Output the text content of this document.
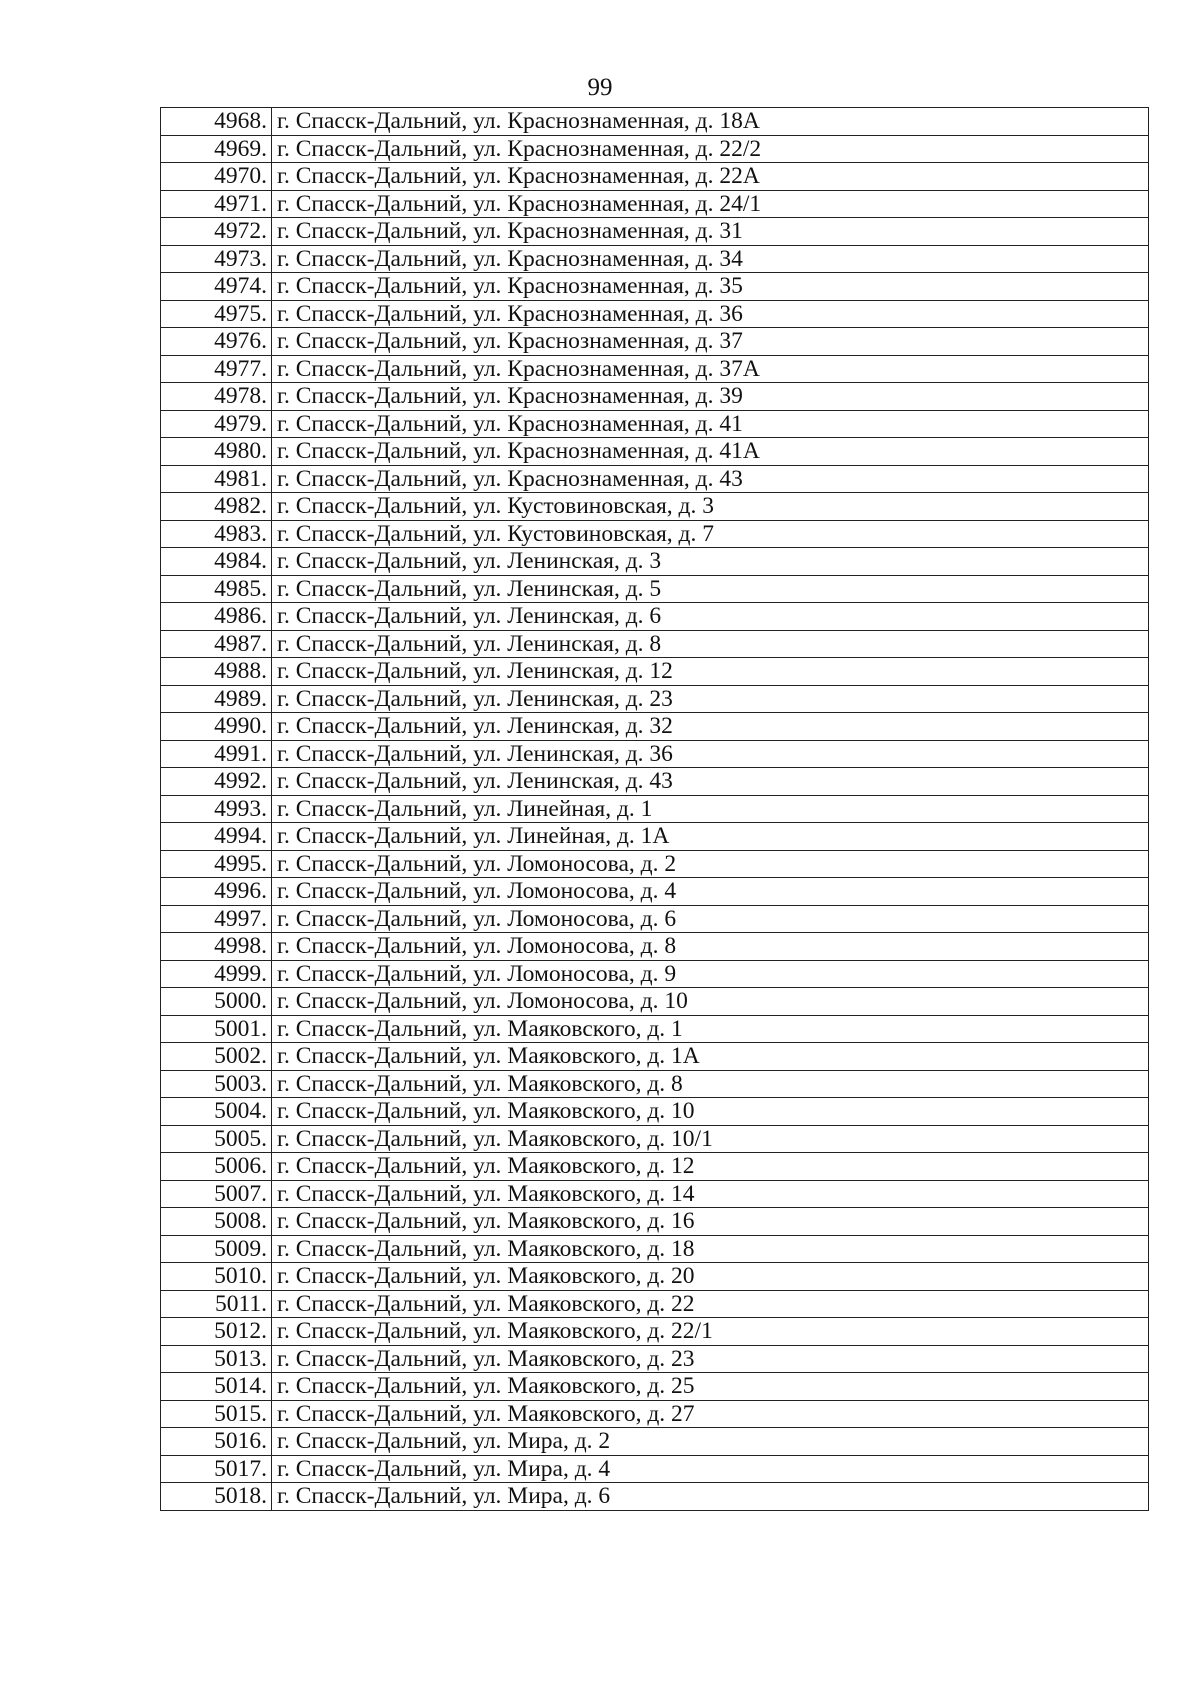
99
4968.	г. Спасск-Дальний, ул. Краснознаменная, д. 18А
4969.	г. Спасск-Дальний, ул. Краснознаменная, д. 22/2
4970.	г. Спасск-Дальний, ул. Краснознаменная, д. 22А
4971.	г. Спасск-Дальний, ул. Краснознаменная, д. 24/1
4972.	г. Спасск-Дальний, ул. Краснознаменная, д. 31
4973.	г. Спасск-Дальний, ул. Краснознаменная, д. 34
4974.	г. Спасск-Дальний, ул. Краснознаменная, д. 35
4975.	г. Спасск-Дальний, ул. Краснознаменная, д. 36
4976.	г. Спасск-Дальний, ул. Краснознаменная, д. 37
4977.	г. Спасск-Дальний, ул. Краснознаменная, д. 37А
4978.	г. Спасск-Дальний, ул. Краснознаменная, д. 39
4979.	г. Спасск-Дальний, ул. Краснознаменная, д. 41
4980.	г. Спасск-Дальний, ул. Краснознаменная, д. 41А
4981.	г. Спасск-Дальний, ул. Краснознаменная, д. 43
4982.	г. Спасск-Дальний, ул. Кустовиновская, д. 3
4983.	г. Спасск-Дальний, ул. Кустовиновская, д. 7
4984.	г. Спасск-Дальний, ул. Ленинская, д. 3
4985.	г. Спасск-Дальний, ул. Ленинская, д. 5
4986.	г. Спасск-Дальний, ул. Ленинская, д. 6
4987.	г. Спасск-Дальний, ул. Ленинская, д. 8
4988.	г. Спасск-Дальний, ул. Ленинская, д. 12
4989.	г. Спасск-Дальний, ул. Ленинская, д. 23
4990.	г. Спасск-Дальний, ул. Ленинская, д. 32
4991.	г. Спасск-Дальний, ул. Ленинская, д. 36
4992.	г. Спасск-Дальний, ул. Ленинская, д. 43
4993.	г. Спасск-Дальний, ул. Линейная, д. 1
4994.	г. Спасск-Дальний, ул. Линейная, д. 1А
4995.	г. Спасск-Дальний, ул. Ломоносова, д. 2
4996.	г. Спасск-Дальний, ул. Ломоносова, д. 4
4997.	г. Спасск-Дальний, ул. Ломоносова, д. 6
4998.	г. Спасск-Дальний, ул. Ломоносова, д. 8
4999.	г. Спасск-Дальний, ул. Ломоносова, д. 9
5000.	г. Спасск-Дальний, ул. Ломоносова, д. 10
5001.	г. Спасск-Дальний, ул. Маяковского, д. 1
5002.	г. Спасск-Дальний, ул. Маяковского, д. 1А
5003.	г. Спасск-Дальний, ул. Маяковского, д. 8
5004.	г. Спасск-Дальний, ул. Маяковского, д. 10
5005.	г. Спасск-Дальний, ул. Маяковского, д. 10/1
5006.	г. Спасск-Дальний, ул. Маяковского, д. 12
5007.	г. Спасск-Дальний, ул. Маяковского, д. 14
5008.	г. Спасск-Дальний, ул. Маяковского, д. 16
5009.	г. Спасск-Дальний, ул. Маяковского, д. 18
5010.	г. Спасск-Дальний, ул. Маяковского, д. 20
5011.	г. Спасск-Дальний, ул. Маяковского, д. 22
5012.	г. Спасск-Дальний, ул. Маяковского, д. 22/1
5013.	г. Спасск-Дальний, ул. Маяковского, д. 23
5014.	г. Спасск-Дальний, ул. Маяковского, д. 25
5015.	г. Спасск-Дальний, ул. Маяковского, д. 27
5016.	г. Спасск-Дальний, ул. Мира, д. 2
5017.	г. Спасск-Дальний, ул. Мира, д. 4
5018.	г. Спасск-Дальний, ул. Мира, д. 6
